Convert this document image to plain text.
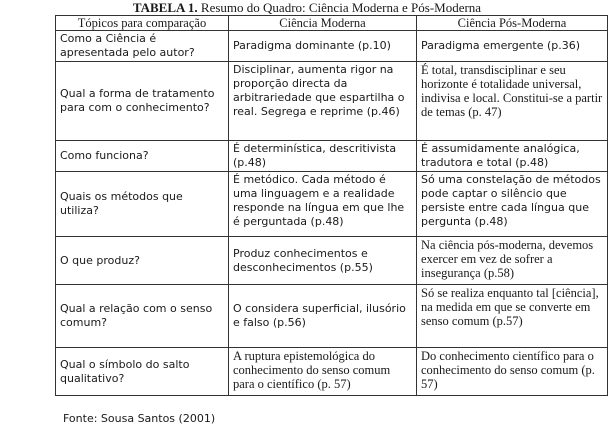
TABELA 1. Resumo do Quadro: Ciência Moderna e Pós-Moderna
Tópicos para comparação	Ciência Moderna	Ciência Pós-Moderna
Como a Ciência é apresentada pelo autor?	Paradigma dominante (p.10)	Paradigma emergente (p.36)
Qual a forma de tratamento para com o conhecimento?	Disciplinar, aumenta rigor na proporção directa da arbitrariedade que espartilha o real. Segrega e reprime (p.46)	É total, transdisciplinar e seu horizonte é totalidade universal, indivisa e local. Constitui-se a partir de temas (p. 47)
Como funciona?	É determinística, descritivista (p.48)	É assumidamente analógica, tradutora e total (p.48)
Quais os métodos que utiliza?	É metódico. Cada método é uma linguagem e a realidade responde na língua em que lhe é perguntada (p.48)	Só uma constelação de métodos pode captar o silêncio que persiste entre cada língua que pergunta (p.48)
O que produz?	Produz conhecimentos e desconhecimentos (p.55)	Na ciência pós-moderna, devemos exercer em vez de sofrer a insegurança (p.58)
Qual a relação com o senso comum?	O considera superficial, ilusório e falso (p.56)	Só se realiza enquanto tal [ciência], na medida em que se converte em senso comum (p.57)
Qual o símbolo do salto qualitativo?	A ruptura epistemológica do conhecimento do senso comum para o científico (p. 57)	Do conhecimento científico para o conhecimento do senso comum (p. 57)
Fonte: Sousa Santos (2001)
